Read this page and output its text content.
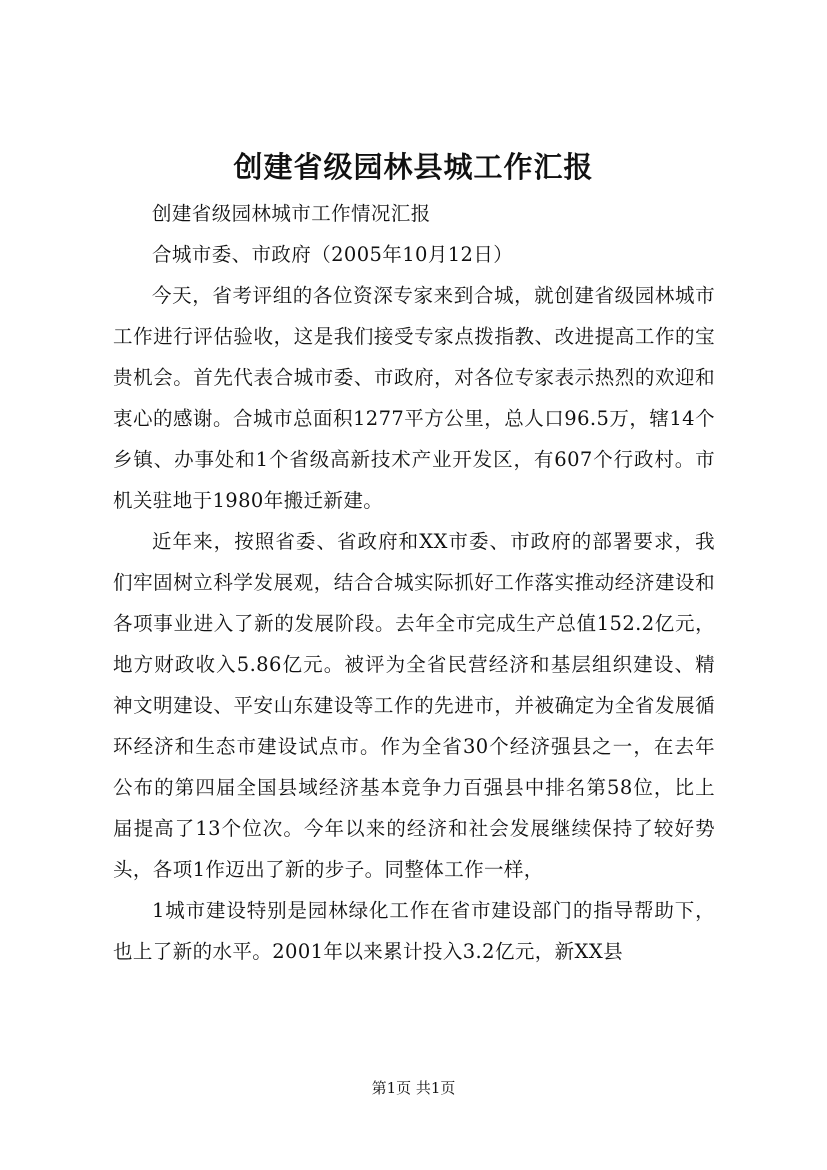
创建省级园林县城工作汇报

创建省级园林城市工作情况汇报

合城市委、市政府（2005年10月12日）

今天，省考评组的各位资深专家来到合城，就创建省级园林城市工作进行评估验收，这是我们接受专家点拨指教、改进提高工作的宝贵机会。首先代表合城市委、市政府，对各位专家表示热烈的欢迎和衷心的感谢。合城市总面积1277平方公里，总人口96.5万，辖14个乡镇、办事处和1个省级高新技术产业开发区，有607个行政村。市机关驻地于1980年搬迁新建。

近年来，按照省委、省政府和XX市委、市政府的部署要求，我们牢固树立科学发展观，结合合城实际抓好工作落实推动经济建设和各项事业进入了新的发展阶段。去年全市完成生产总值152.2亿元，地方财政收入5.86亿元。被评为全省民营经济和基层组织建设、精神文明建设、平安山东建设等工作的先进市，并被确定为全省发展循环经济和生态市建设试点市。作为全省30个经济强县之一，在去年公布的第四届全国县域经济基本竞争力百强县中排名第58位，比上届提高了13个位次。今年以来的经济和社会发展继续保持了较好势头，各项1作迈出了新的步子。同整体工作一样，

1城市建设特别是园林绿化工作在省市建设部门的指导帮助下，也上了新的水平。2001年以来累计投入3.2亿元，新XX县

第1页 共1页
